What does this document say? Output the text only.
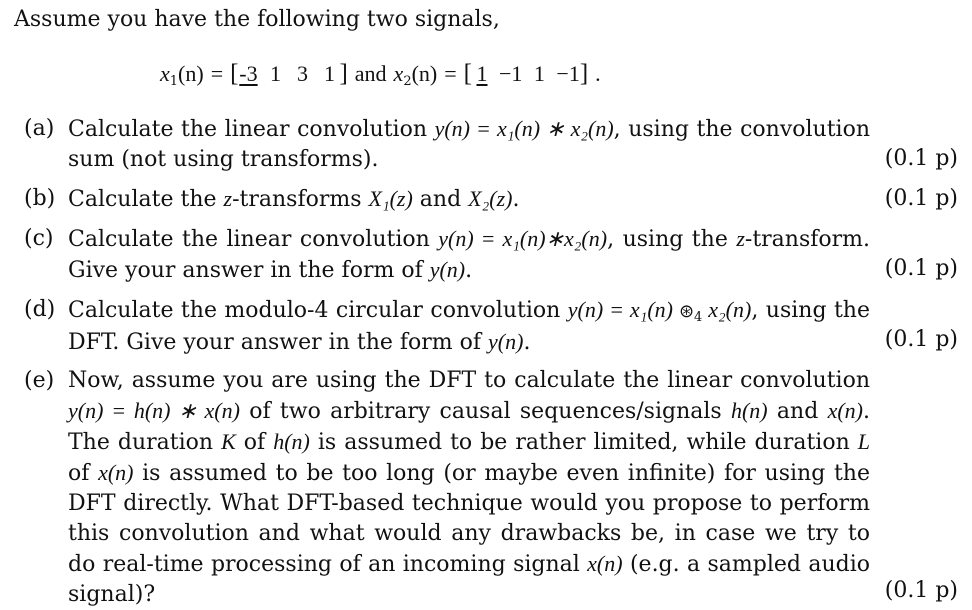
Assume you have the following two signals,
$x_1(n) = [-3$ 1 3 1 ] and $x_2(n)$ = [ 1 −1 1 −1] .
(a) Calculate the linear convolution y(n) = x₁(n) ∗ x₂(n), using the convolution sum (not using transforms).	(0.1 p)
(b) Calculate the z-transforms X₁(z) and X₂(z).	(0.1 p)
(c) Calculate the linear convolution y(n) = x₁(n)∗x₂(n), using the z-transform. Give your answer in the form of y(n).	(0.1 p)
(d) Calculate the modulo-4 circular convolution y(n) = x₁(n) $⊛_4$ x₂(n), using the DFT. Give your answer in the form of y(n).	(0.1 p)
(e) Now, assume you are using the DFT to calculate the linear convolution y(n) = h(n) ∗ x(n) of two arbitrary causal sequences/signals h(n) and x(n). The duration K of h(n) is assumed to be rather limited, while duration L of x(n) is assumed to be too long (or maybe even infinite) for using the DFT directly. What DFT-based technique would you propose to perform this convolution and what would any drawbacks be, in case we try to do real-time processing of an incoming signal x(n) (e.g. a sampled audio signal)?	(0.1 p)
